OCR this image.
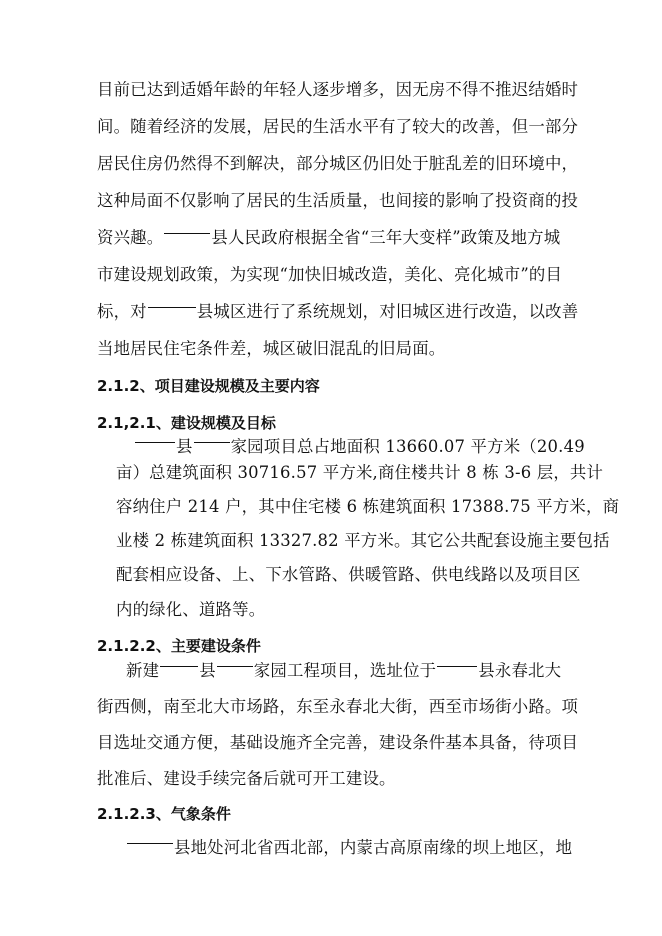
目前已达到适婚年龄的年轻人逐步增多，因无房不得不推迟结婚时
间。随着经济的发展，居民的生活水平有了较大的改善，但一部分
居民住房仍然得不到解决，部分城区仍旧处于脏乱差的旧环境中，
这种局面不仅影响了居民的生活质量，也间接的影响了投资商的投
资兴趣。	县人民政府根据全省“三年大变样”政策及地方城
市建设规划政策，为实现“加快旧城改造，美化、亮化城市”的目
标，对	县城区进行了系统规划，对旧城区进行改造，以改善
当地居民住宅条件差，城区破旧混乱的旧局面。
2.1.2、项目建设规模及主要内容
2.1,2.1、建设规模及目标
县 家园项目总占地面积 13660.07 平方米（20.49
亩）总建筑面积 30716.57 平方米,商住楼共计 8 栋 3-6 层，共计
容纳住户 214 户，其中住宅楼 6 栋建筑面积 17388.75 平方米，商
业楼 2 栋建筑面积 13327.82 平方米。其它公共配套设施主要包括
配套相应设备、上、下水管路、供暖管路、供电线路以及项目区
内的绿化、道路等。
2.1.2.2、主要建设条件
新建 县 家园工程项目，选址位于	县永春北大
街西侧，南至北大市场路，东至永春北大街，西至市场街小路。项
目选址交通方便，基础设施齐全完善，建设条件基本具备，待项目
批准后、建设手续完备后就可开工建设。
2.1.2.3、气象条件
县地处河北省西北部，内蒙古高原南缘的坝上地区，地
